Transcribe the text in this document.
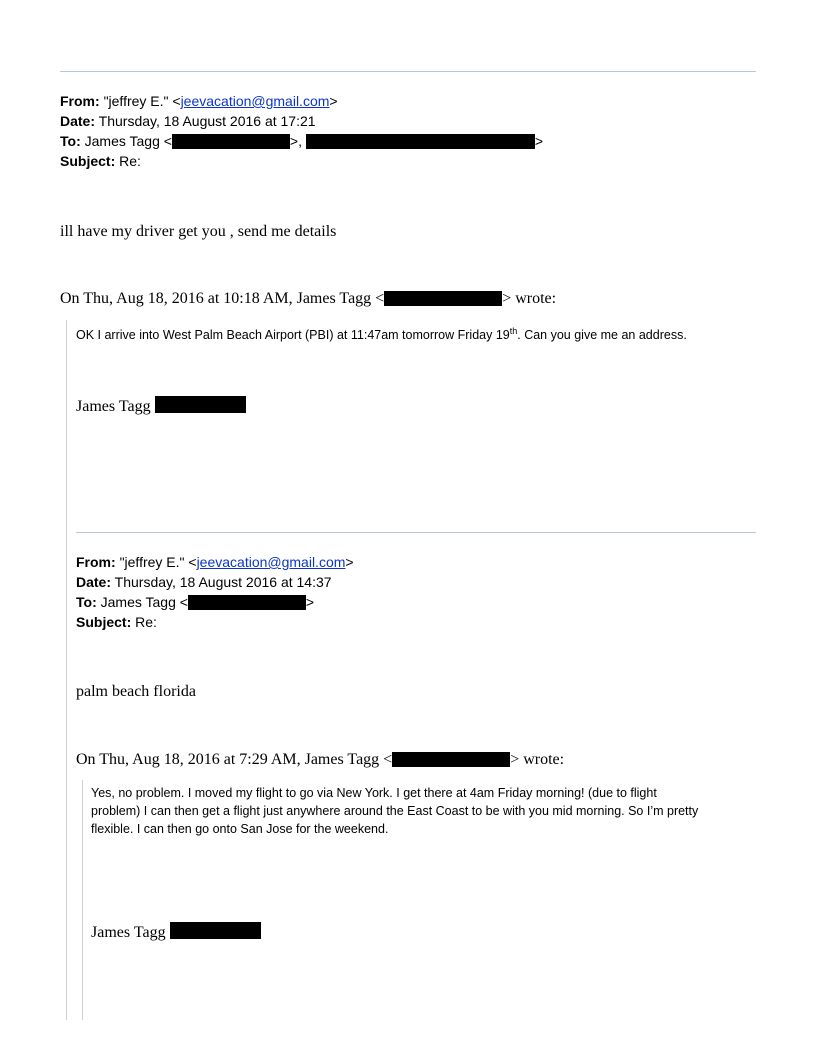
From: "jeffrey E." <jeevacation@gmail.com>
Date: Thursday, 18 August 2016 at 17:21
To: James Tagg <	>,	>
Subject: Re:
ill have my driver get you , send me details
On Thu, Aug 18, 2016 at 10:18 AM, James Tagg <	> wrote:
OK I arrive into West Palm Beach Airport (PBI) at 11:47am tomorrow Friday 19th. Can you give me an address.
James Tagg
From: "jeffrey E." <jeevacation@gmail.com>
Date: Thursday, 18 August 2016 at 14:37
To: James Tagg <	>
Subject: Re:
palm beach florida
On Thu, Aug 18, 2016 at 7:29 AM, James Tagg <	> wrote:
Yes, no problem. I moved my flight to go via New York. I get there at 4am Friday morning! (due to flight
problem) I can then get a flight just anywhere around the East Coast to be with you mid morning. So I’m pretty
flexible. I can then go onto San Jose for the weekend.
James Tagg
